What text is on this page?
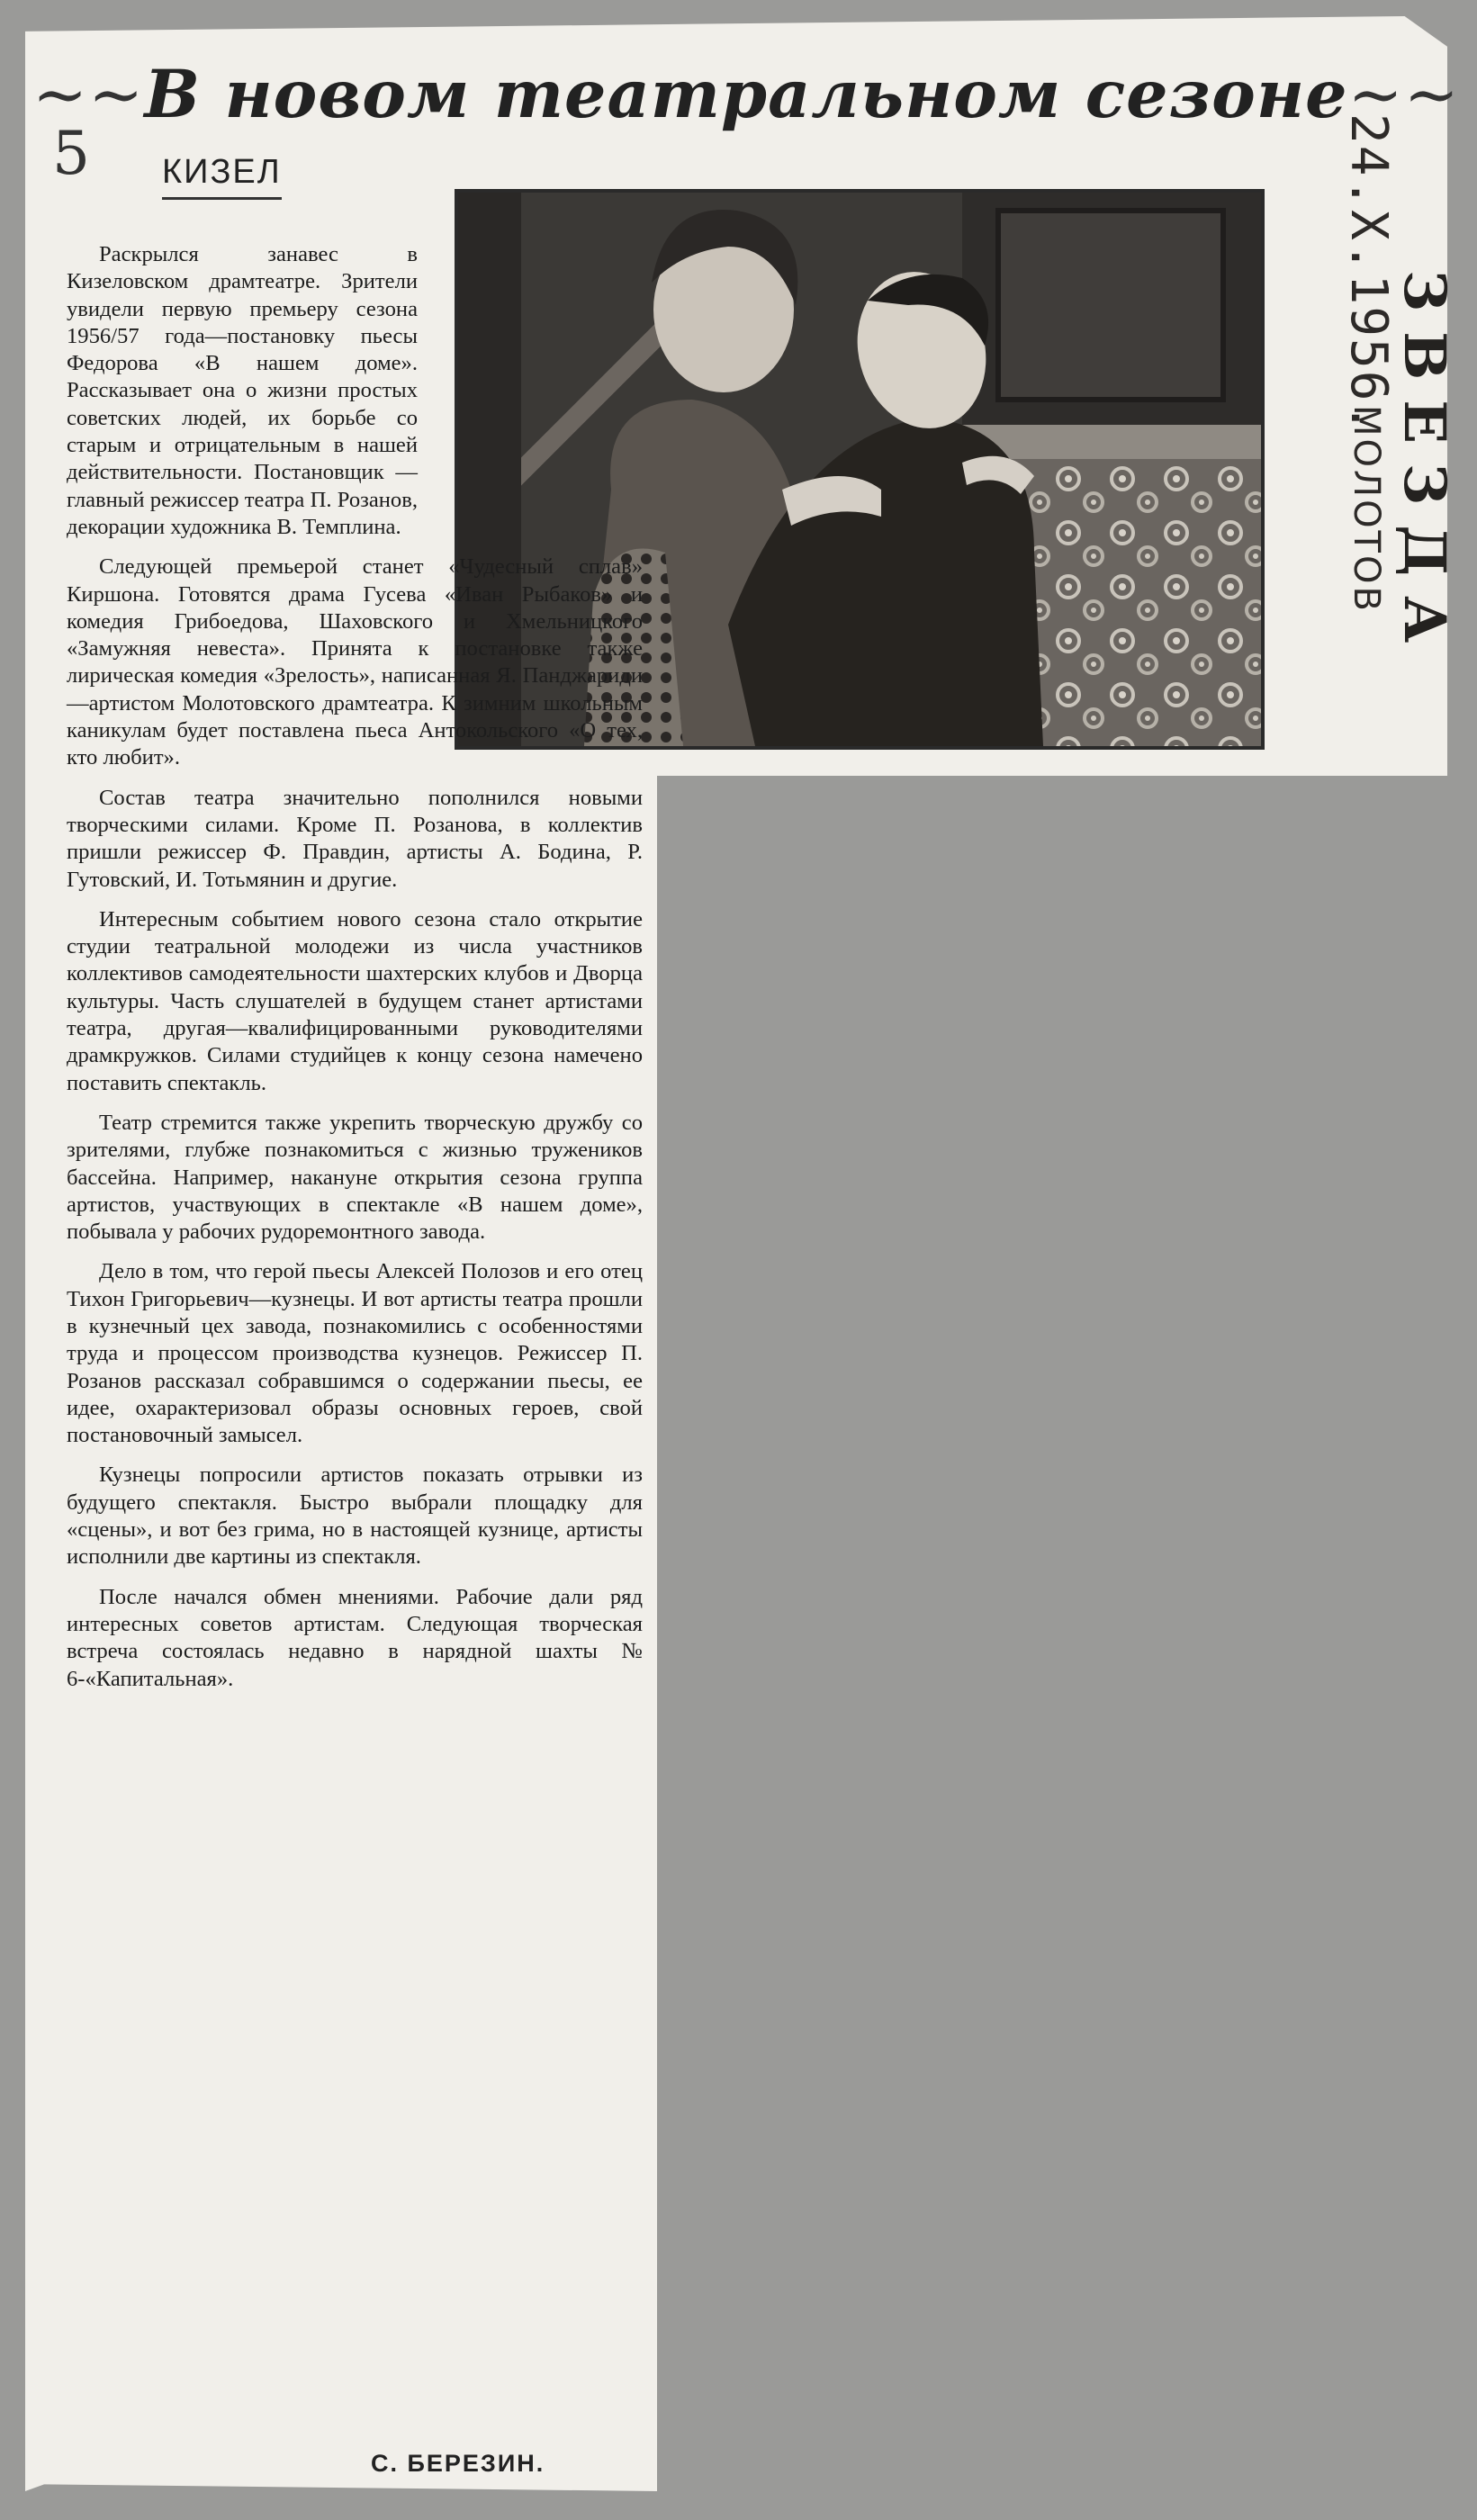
~~В новом театральном сезоне~~
5 КИЗЕЛ	24.X.1956.
МОЛОТОВ ЗВЕЗДА

Раскрылся занавес в Кизеловском драмтеатре. Зрители увидели первую премьеру сезона 1956/57 года—постановку пьесы Федорова «В нашем доме». Рассказывает она о жизни простых советских людей, их борьбе со старым и отрицательным в нашей действительности. Постановщик — главный режиссер театра П. Розанов, декорации художника В. Темплина.

Следующей премьерой станет «Чудесный сплав» Киршона. Готовятся драма Гусева «Иван Рыбаков» и комедия Грибоедова, Шаховского и Хмельницкого «Замужняя невеста». Принята к постановке также лирическая комедия «Зрелость», написанная Я. Панджариди—артистом Молотовского драмтеатра. К зимним школьным каникулам будет поставлена пьеса Антокольского «О тех, кто любит».

Состав театра значительно пополнился новыми творческими силами. Кроме П. Розанова, в коллектив пришли режиссер Ф. Правдин, артисты А. Бодина, Р. Гутовский, И. Тотьмянин и другие.

Интересным событием нового сезона стало открытие студии театральной молодежи из числа участников коллективов самодеятельности шахтерских клубов и Дворца культуры. Часть слушателей в будущем станет артистами театра, другая—квалифицированными руководителями драмкружков. Силами студийцев к концу сезона намечено поставить спектакль.

Театр стремится также укрепить творческую дружбу со зрителями, глубже познакомиться с жизнью тружеников бассейна. Например, накануне открытия сезона группа артистов, участвующих в спектакле «В нашем доме», побывала у рабочих рудоремонтного завода.

Дело в том, что герой пьесы Алексей Полозов и его отец Тихон Григорьевич—кузнецы. И вот артисты театра прошли в кузнечный цех завода, познакомились с особенностями труда и процессом производства кузнецов. Режиссер П. Розанов рассказал собравшимся о содержании пьесы, ее идее, охарактеризовал образы основных героев, свой постановочный замысел.

Кузнецы попросили артистов показать отрывки из будущего спектакля. Быстро выбрали площадку для «сцены», и вот без грима, но в настоящей кузнице, артисты исполнили две картины из спектакля.

После начался обмен мнениями. Рабочие дали ряд интересных советов артистам. Следующая творческая встреча состоялась недавно в нарядной шахты № 6-«Капитальная».

С. БЕРЕЗИН.
